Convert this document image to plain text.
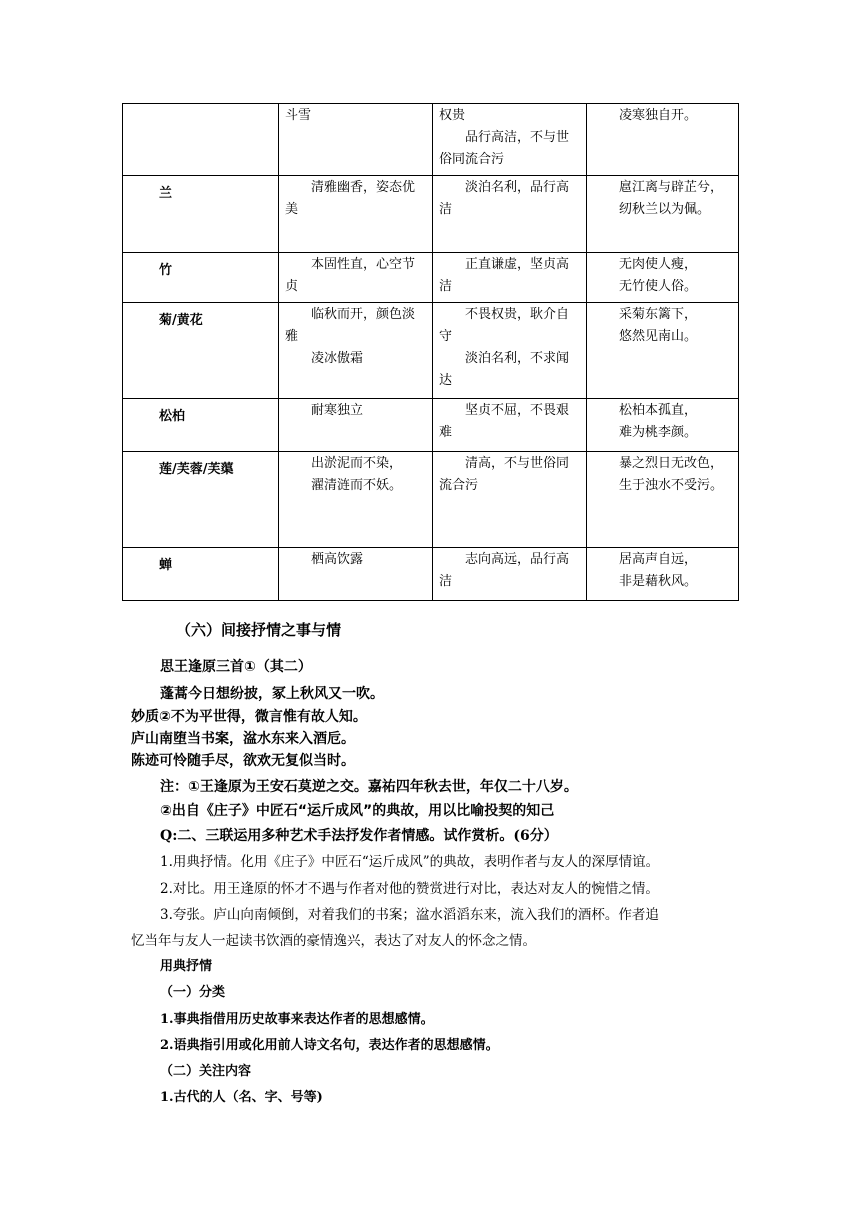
	斗雪	权贵
品行高洁，不与世俗同流合污	凌寒独自开。

兰	清雅幽香，姿态优美	淡泊名利，品行高洁	扈江离与辟芷兮，
纫秋兰以为佩。

竹	本固性直，心空节贞	正直谦虚，坚贞高洁	无肉使人瘦，
无竹使人俗。

菊/黄花	临秋而开，颜色淡雅
凌冰傲霜	不畏权贵，耿介自守
淡泊名利，不求闻达	采菊东篱下，
悠然见南山。

松柏	耐寒独立	坚贞不屈，不畏艰难	松柏本孤直，
难为桃李颜。

莲/芙蓉/芙蕖	出淤泥而不染，
濯清涟而不妖。	清高，不与世俗同流合污	暴之烈日无改色，
生于浊水不受污。

蝉	栖高饮露	志向高远，品行高洁	居高声自远，
非是藉秋风。
（六）间接抒情之事与情
思王逢原三首①（其二）
蓬蒿今日想纷披，冢上秋风又一吹。
妙质②不为平世得，微言惟有故人知。
庐山南堕当书案，湓水东来入酒卮。
陈迹可怜随手尽，欲欢无复似当时。
注：①王逢原为王安石莫逆之交。嘉祐四年秋去世，年仅二十八岁。
②出自《庄子》中匠石“运斤成风”的典故，用以比喻投契的知己
Q:二、三联运用多种艺术手法抒发作者情感。试作赏析。(6分）
1.用典抒情。化用《庄子》中匠石“运斤成风”的典故，表明作者与友人的深厚情谊。
2.对比。用王逢原的怀才不遇与作者对他的赞赏进行对比，表达对友人的惋惜之情。
3.夸张。庐山向南倾倒，对着我们的书案；湓水滔滔东来，流入我们的酒杯。作者追
忆当年与友人一起读书饮酒的豪情逸兴，表达了对友人的怀念之情。
用典抒情
（一）分类
1.事典指借用历史故事来表达作者的思想感情。
2.语典指引用或化用前人诗文名句，表达作者的思想感情。
（二）关注内容
1.古代的人（名、字、号等)
